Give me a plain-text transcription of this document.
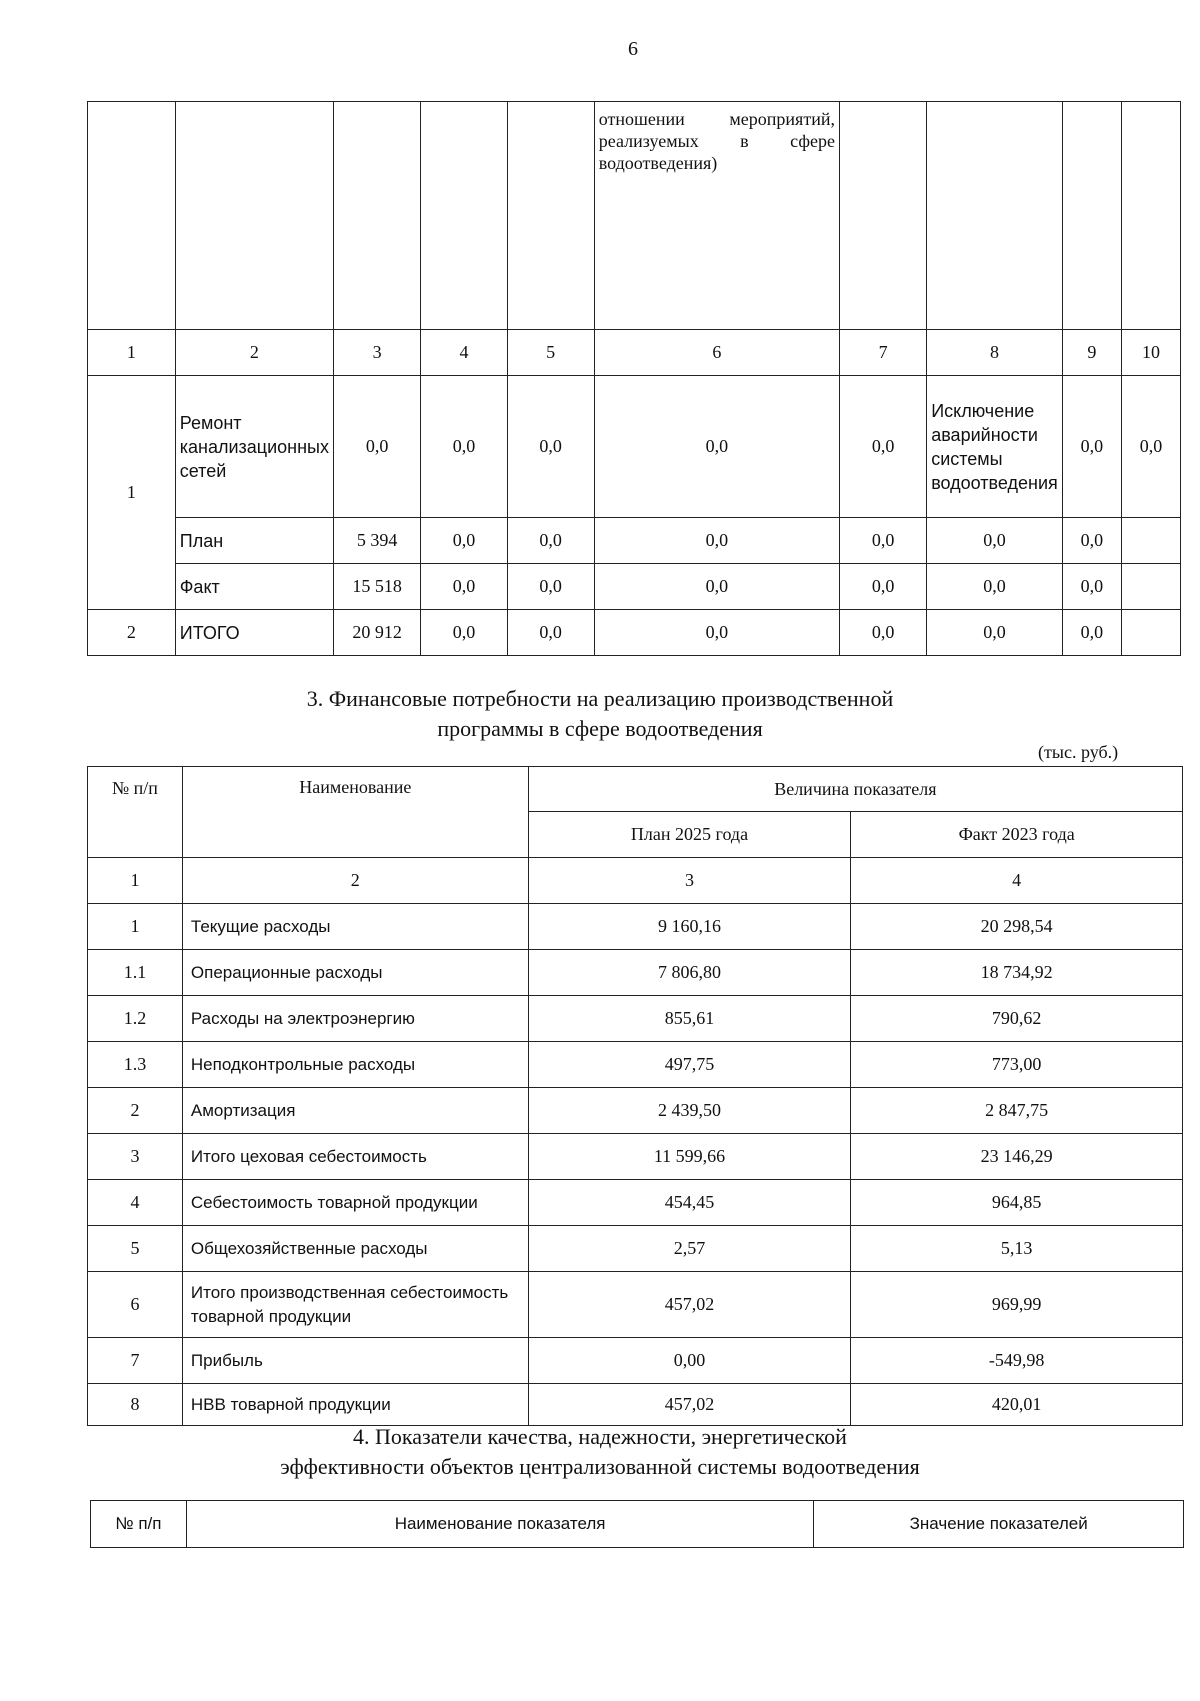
6
					отношении мероприятий, реализуемых в сфере водоотведения)				
1	2	3	4	5	6	7	8	9	10
1	Ремонт канализационных сетей	0,0	0,0	0,0	0,0	0,0	Исключение аварийности системы водоотведения	0,0	0,0
	План	5 394	0,0	0,0	0,0	0,0	0,0	0,0	
	Факт	15 518	0,0	0,0	0,0	0,0	0,0	0,0	
2	ИТОГО	20 912	0,0	0,0	0,0	0,0	0,0	0,0	
3. Финансовые потребности на реализацию производственной
программы в сфере водоотведения
(тыс. руб.)
№ п/п	Наименование	Величина показателя	
		План 2025 года	Факт 2023 года
1	2	3	4
1	Текущие расходы	9 160,16	20 298,54
1.1	Операционные расходы	7 806,80	18 734,92
1.2	Расходы на электроэнергию	855,61	790,62
1.3	Неподконтрольные расходы	497,75	773,00
2	Амортизация	2 439,50	2 847,75
3	Итого цеховая себестоимость	11 599,66	23 146,29
4	Себестоимость товарной продукции	454,45	964,85
5	Общехозяйственные расходы	2,57	5,13
6	Итого производственная себестоимость товарной продукции	457,02	969,99
7	Прибыль	0,00	-549,98
8	НВВ товарной продукции	457,02	420,01
4. Показатели качества, надежности, энергетической
эффективности объектов централизованной системы водоотведения
№ п/п	Наименование показателя	Значение показателей
